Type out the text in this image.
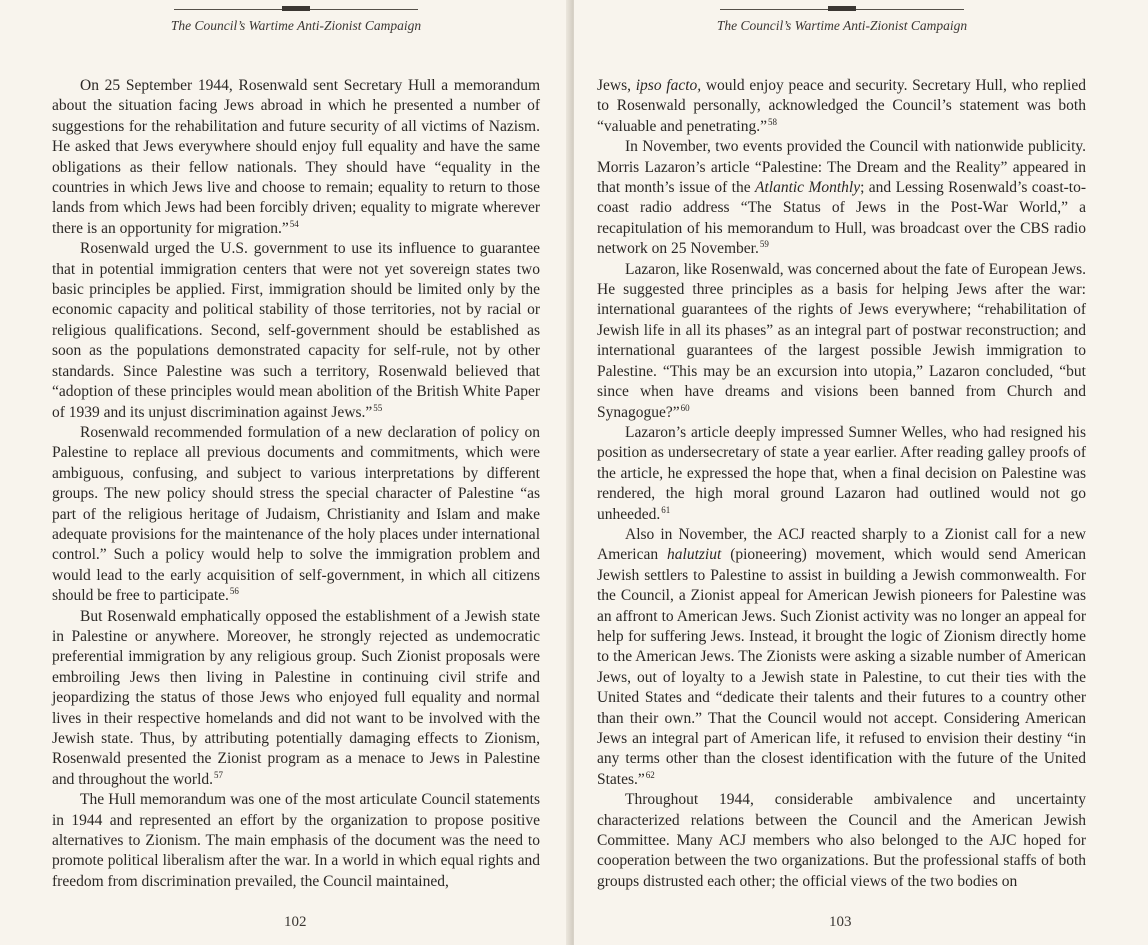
The Council’s Wartime Anti-Zionist Campaign

On 25 September 1944, Rosenwald sent Secretary Hull a memorandum about the situation facing Jews abroad in which he presented a number of suggestions for the rehabilitation and future security of all victims of Nazism. He asked that Jews everywhere should enjoy full equality and have the same obligations as their fellow nationals. They should have “equality in the countries in which Jews live and choose to remain; equality to return to those lands from which Jews had been forcibly driven; equality to migrate wherever there is an opportunity for migration.”$^{54}$

Rosenwald urged the U.S. government to use its influence to guarantee that in potential immigration centers that were not yet sovereign states two basic principles be applied. First, immigration should be limited only by the economic capacity and political stability of those territories, not by racial or religious qualifications. Second, self-government should be established as soon as the populations demonstrated capacity for self-rule, not by other standards. Since Palestine was such a territory, Rosenwald believed that “adoption of these principles would mean abolition of the British White Paper of 1939 and its unjust discrimination against Jews.”$^{55}$

Rosenwald recommended formulation of a new declaration of policy on Palestine to replace all previous documents and commitments, which were ambiguous, confusing, and subject to various interpretations by different groups. The new policy should stress the special character of Palestine “as part of the religious heritage of Judaism, Christianity and Islam and make adequate provisions for the maintenance of the holy places under international control.” Such a policy would help to solve the immigration problem and would lead to the early acquisition of self-government, in which all citizens should be free to participate.$^{56}$

But Rosenwald emphatically opposed the establishment of a Jewish state in Palestine or anywhere. Moreover, he strongly rejected as undemocratic preferential immigration by any religious group. Such Zionist proposals were embroiling Jews then living in Palestine in continuing civil strife and jeopardizing the status of those Jews who enjoyed full equality and normal lives in their respective homelands and did not want to be involved with the Jewish state. Thus, by attributing potentially damaging effects to Zionism, Rosenwald presented the Zionist program as a menace to Jews in Palestine and throughout the world.$^{57}$

The Hull memorandum was one of the most articulate Council statements in 1944 and represented an effort by the organization to propose positive alternatives to Zionism. The main emphasis of the document was the need to promote political liberalism after the war. In a world in which equal rights and freedom from discrimination prevailed, the Council maintained,

102
The Council’s Wartime Anti-Zionist Campaign

Jews, ipso facto, would enjoy peace and security. Secretary Hull, who replied to Rosenwald personally, acknowledged the Council’s statement was both “valuable and penetrating.”$^{58}$

In November, two events provided the Council with nationwide publicity. Morris Lazaron’s article “Palestine: The Dream and the Reality” appeared in that month’s issue of the Atlantic Monthly; and Lessing Rosenwald’s coast-to-coast radio address “The Status of Jews in the Post-War World,” a recapitulation of his memorandum to Hull, was broadcast over the CBS radio network on 25 November.$^{59}$

Lazaron, like Rosenwald, was concerned about the fate of European Jews. He suggested three principles as a basis for helping Jews after the war: international guarantees of the rights of Jews everywhere; “rehabilitation of Jewish life in all its phases” as an integral part of postwar reconstruction; and international guarantees of the largest possible Jewish immigration to Palestine. “This may be an excursion into utopia,” Lazaron concluded, “but since when have dreams and visions been banned from Church and Synagogue?”$^{60}$

Lazaron’s article deeply impressed Sumner Welles, who had resigned his position as undersecretary of state a year earlier. After reading galley proofs of the article, he expressed the hope that, when a final decision on Palestine was rendered, the high moral ground Lazaron had outlined would not go unheeded.$^{61}$

Also in November, the ACJ reacted sharply to a Zionist call for a new American halutziut (pioneering) movement, which would send American Jewish settlers to Palestine to assist in building a Jewish commonwealth. For the Council, a Zionist appeal for American Jewish pioneers for Palestine was an affront to American Jews. Such Zionist activity was no longer an appeal for help for suffering Jews. Instead, it brought the logic of Zionism directly home to the American Jews. The Zionists were asking a sizable number of American Jews, out of loyalty to a Jewish state in Palestine, to cut their ties with the United States and “dedicate their talents and their futures to a country other than their own.” That the Council would not accept. Considering American Jews an integral part of American life, it refused to envision their destiny “in any terms other than the closest identification with the future of the United States.”$^{62}$

Throughout 1944, considerable ambivalence and uncertainty characterized relations between the Council and the American Jewish Committee. Many ACJ members who also belonged to the AJC hoped for cooperation between the two organizations. But the professional staffs of both groups distrusted each other; the official views of the two bodies on

103
